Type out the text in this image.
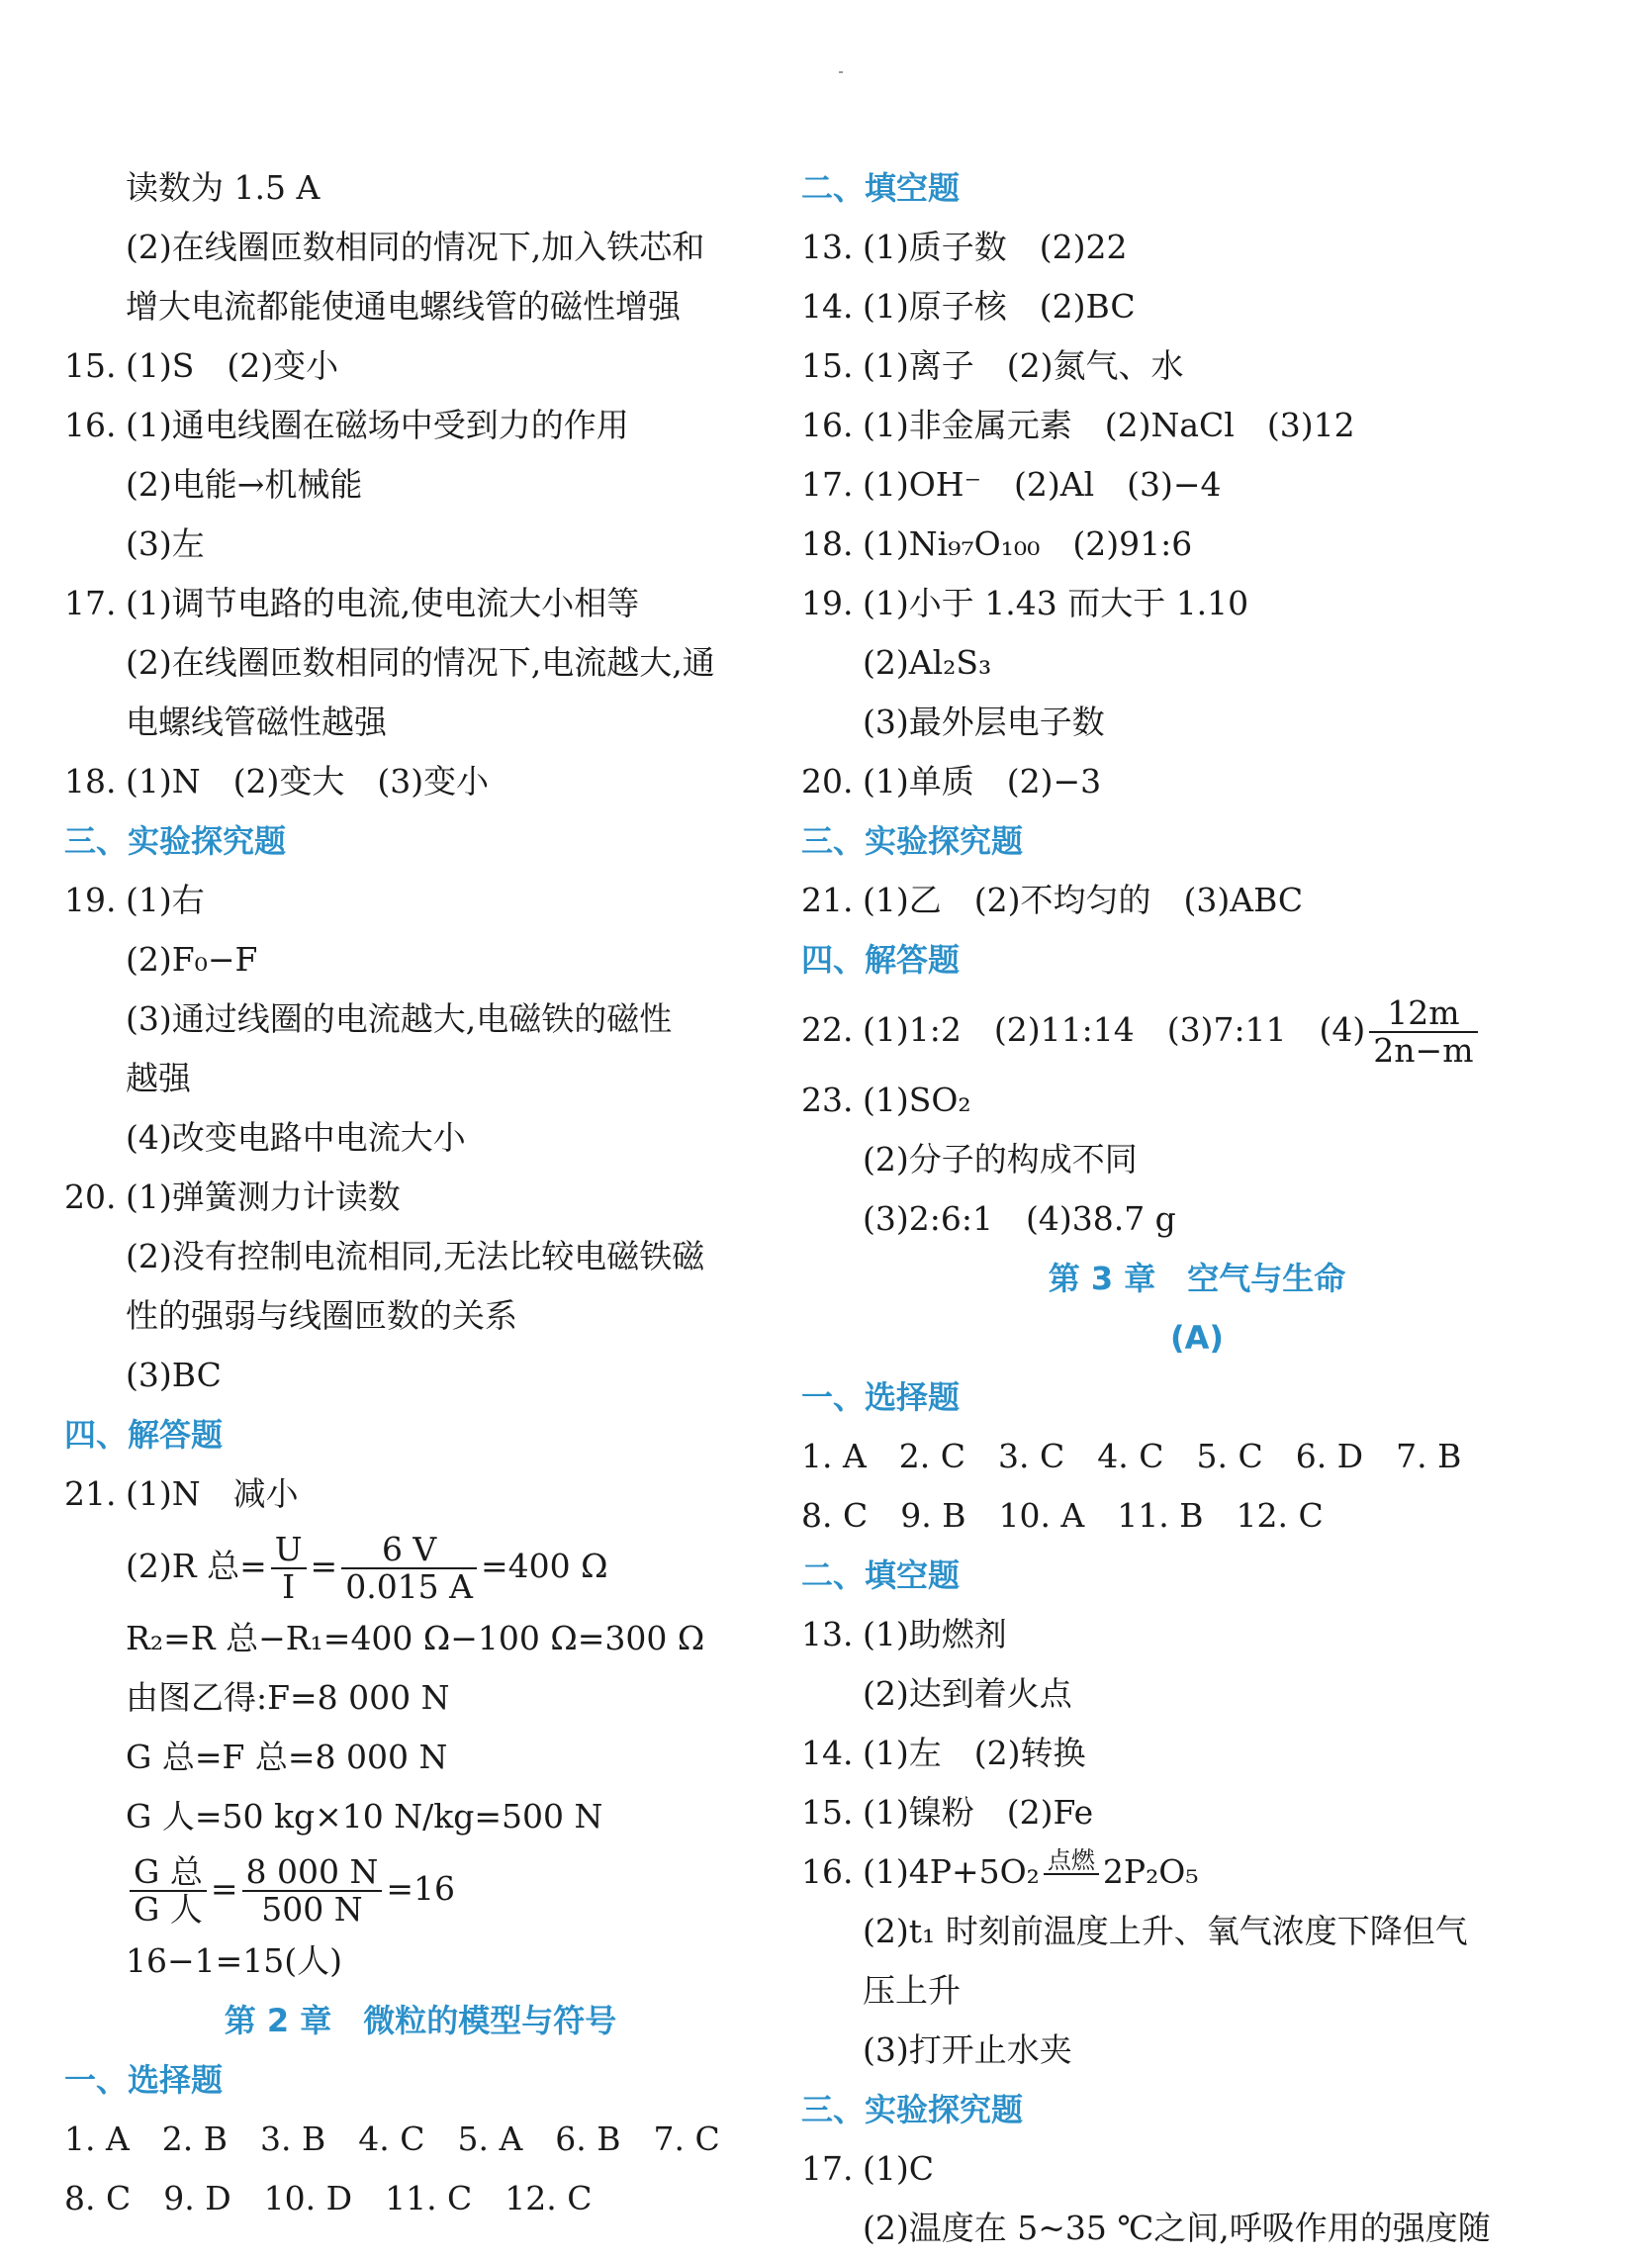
读数为 1.5 A
(2)在线圈匝数相同的情况下,加入铁芯和
增大电流都能使通电螺线管的磁性增强
15. (1)S　(2)变小
16. (1)通电线圈在磁场中受到力的作用
(2)电能→机械能
(3)左
17. (1)调节电路的电流,使电流大小相等
(2)在线圈匝数相同的情况下,电流越大,通
电螺线管磁性越强
18. (1)N　(2)变大　(3)变小
三、实验探究题
19. (1)右
(2)F₀−F
(3)通过线圈的电流越大,电磁铁的磁性
越强
(4)改变电路中电流大小
20. (1)弹簧测力计读数
(2)没有控制电流相同,无法比较电磁铁磁
性的强弱与线圈匝数的关系
(3)BC
四、解答题
21. (1)N　减小
(2)R 总= $\frac{U}{I} = \frac{6 V}{0.015 A} =400$ Ω
R₂=R 总−R₁=400 Ω−100 Ω=300 Ω
由图乙得:F=8 000 N
G 总=F 总=8 000 N
G 人=50 kg×10 N/kg=500 N
$\frac{\text{G 总}}{\text{G 人}} = \frac{8 000 N}{500 N} =16$
16−1=15(人)
第 2 章　微粒的模型与符号
一、选择题
1. A　2. B　3. B　4. C　5. A　6. B　7. C
8. C　9. D　10. D　11. C　12. C
二、填空题
13. (1)质子数　(2)22
14. (1)原子核　(2)BC
15. (1)离子　(2)氮气、水
16. (1)非金属元素　(2)NaCl　(3)12
17. (1)OH⁻　(2)Al　(3)−4
18. (1)Ni₉₇O₁₀₀　(2)91:6
19. (1)小于 1.43 而大于 1.10
(2)Al₂S₃
(3)最外层电子数
20. (1)单质　(2)−3
三、实验探究题
21. (1)乙　(2)不均匀的　(3)ABC
四、解答题
22. (1)1:2　(2)11:14　(3)7:11　$(4) \frac{12m}{2n-m}$
23. (1)SO₂
(2)分子的构成不同
(3)2:6:1　(4)38.7 g
第 3 章　空气与生命
(A)
一、选择题
1. A　2. C　3. C　4. C　5. C　6. D　7. B
8. C　9. B　10. A　11. B　12. C
二、填空题
13. (1)助燃剂
(2)达到着火点
14. (1)左　(2)转换
15. (1)镍粉　(2)Fe
16. (1)4P+5O₂ 点燃
2P₂O₅
(2)t₁ 时刻前温度上升、氧气浓度下降但气
压上升
(3)打开止水夹
三、实验探究题
17. (1)C
(2)温度在 5~35 ℃之间,呼吸作用的强度随
